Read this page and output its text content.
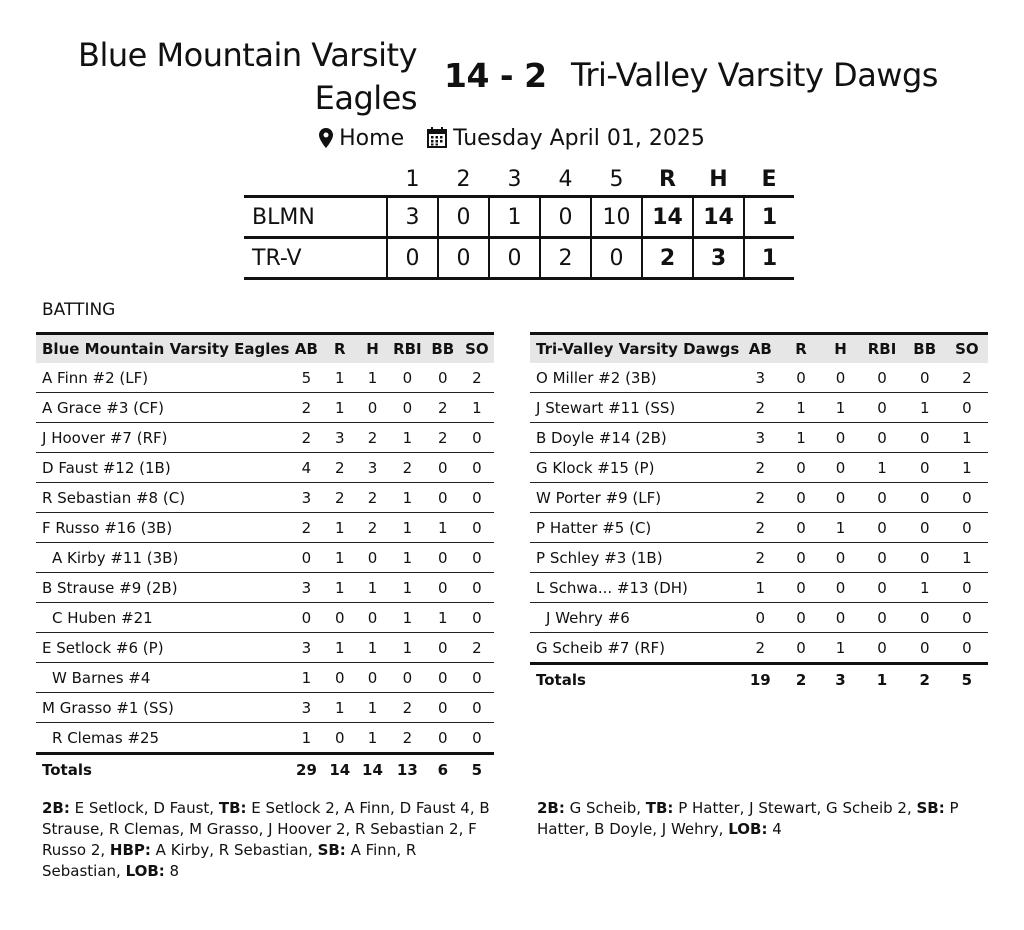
Blue Mountain Varsity Eagles
14 - 2 Tri-Valley Varsity Dawgs
Home Tuesday April 01, 2025
	1	2	3	4	5	R	H	E
BLMN	3	0	1	0	10	14	14	1
TR-V	0	0	0	2	0	2	3	1
BATTING
Blue Mountain Varsity Eagles	AB	R	H	RBI	BB	SO
A Finn #2 (LF)	5	1	1	0	0	2
A Grace #3 (CF)	2	1	0	0	2	1
J Hoover #7 (RF)	2	3	2	1	2	0
D Faust #12 (1B)	4	2	3	2	0	0
R Sebastian #8 (C)	3	2	2	1	0	0
F Russo #16 (3B)	2	1	2	1	1	0
A Kirby #11 (3B)	0	1	0	1	0	0
B Strause #9 (2B)	3	1	1	1	0	0
C Huben #21	0	0	0	1	1	0
E Setlock #6 (P)	3	1	1	1	0	2
W Barnes #4	1	0	0	0	0	0
M Grasso #1 (SS)	3	1	1	2	0	0
R Clemas #25	1	0	1	2	0	0
Totals	29	14	14	13	6	5
Tri-Valley Varsity Dawgs	AB	R	H	RBI	BB	SO
O Miller #2 (3B)	3	0	0	0	0	2
J Stewart #11 (SS)	2	1	1	0	1	0
B Doyle #14 (2B)	3	1	0	0	0	1
G Klock #15 (P)	2	0	0	1	0	1
W Porter #9 (LF)	2	0	0	0	0	0
P Hatter #5 (C)	2	0	1	0	0	0
P Schley #3 (1B)	2	0	0	0	0	1
L Schwa... #13 (DH)	1	0	0	0	1	0
J Wehry #6	0	0	0	0	0	0
G Scheib #7 (RF)	2	0	1	0	0	0
Totals	19	2	3	1	2	5
2B: E Setlock, D Faust, TB: E Setlock 2, A Finn, D Faust 4, B Strause, R Clemas, M Grasso, J Hoover 2, R Sebastian 2, F Russo 2, HBP: A Kirby, R Sebastian, SB: A Finn, R Sebastian, LOB: 8
2B: G Scheib, TB: P Hatter, J Stewart, G Scheib 2, SB: P Hatter, B Doyle, J Wehry, LOB: 4
